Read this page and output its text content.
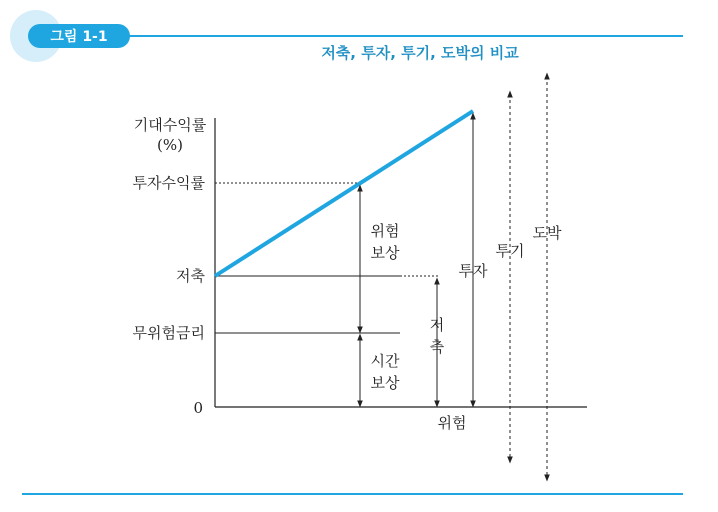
그림 1-1
저축, 투자, 투기, 도박의 비교
기대수익률
(%)
투자수익률
저축
무위험금리
0
위험
위험
보상
시간
보상
저
축
투자
투기
도박
